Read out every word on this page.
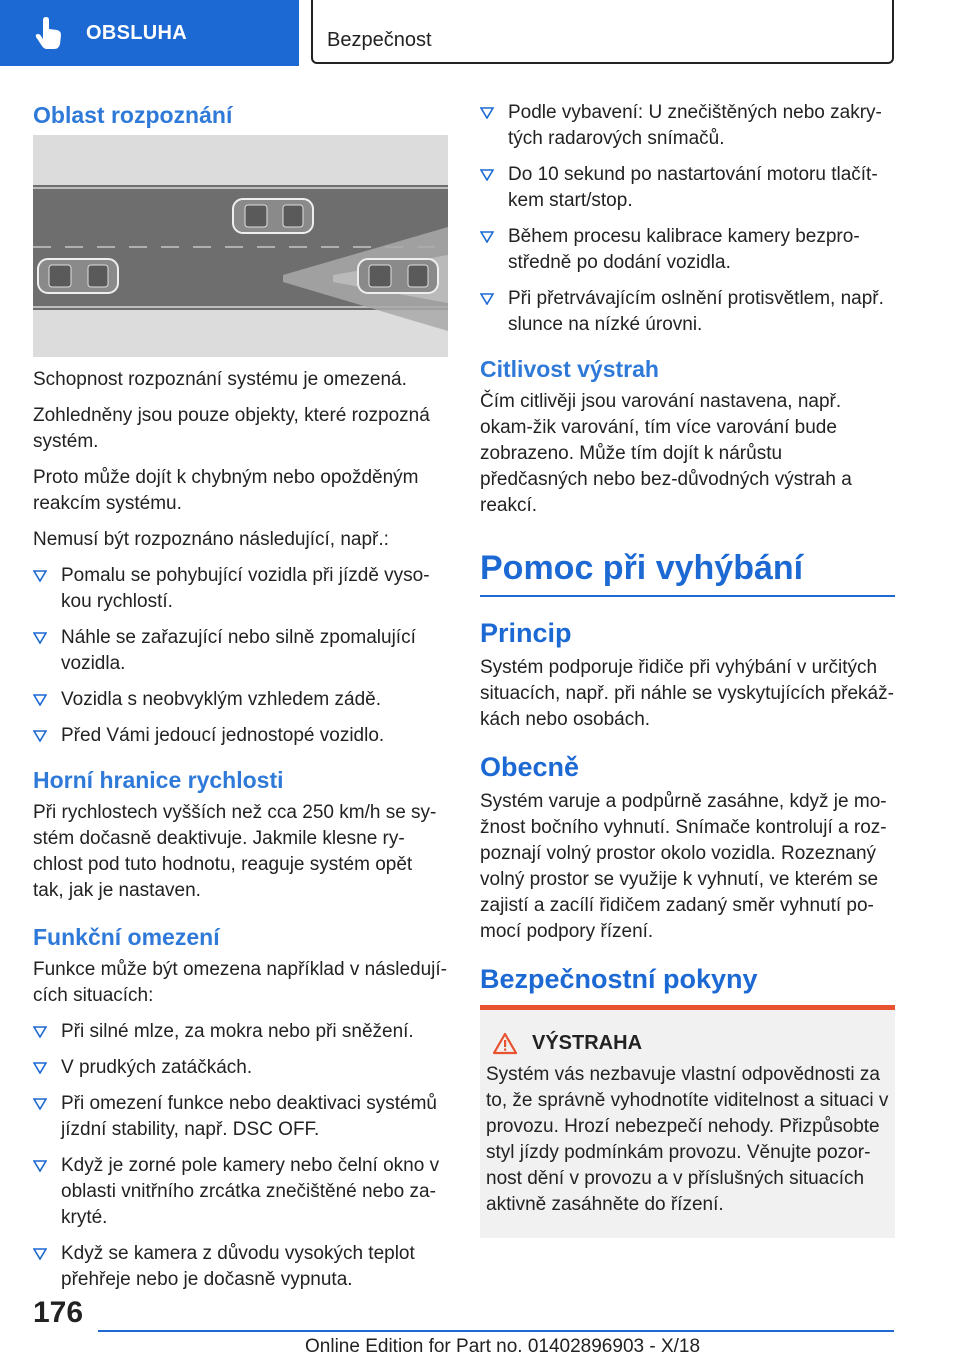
OBSLUHA	Bezpečnost
Oblast rozpoznání

Schopnost rozpoznání systému je omezená.

Zohledněny jsou pouze objekty, které rozpozná systém.

Proto může dojít k chybným nebo opožděným reakcím systému.

Nemusí být rozpoznáno následující, např.:

Pomalu se pohybující vozidla při jízdě vyso-kou rychlostí.
Náhle se zařazující nebo silně zpomalující vozidla.
Vozidla s neobvyklým vzhledem zádě.
Před Vámi jedoucí jednostopé vozidlo.
Horní hranice rychlosti

Při rychlostech vyšších než cca 250 km/h se sy-stém dočasně deaktivuje. Jakmile klesne ry-chlost pod tuto hodnotu, reaguje systém opět tak, jak je nastaven.

Funkční omezení

Funkce může být omezena například v následují-cích situacích:

Při silné mlze, za mokra nebo při sněžení.
V prudkých zatáčkách.
Při omezení funkce nebo deaktivaci systémů jízdní stability, např. DSC OFF.
Když je zorné pole kamery nebo čelní okno v oblasti vnitřního zrcátka znečištěné nebo za-kryté.
Když se kamera z důvodu vysokých teplot přehřeje nebo je dočasně vypnuta.
Podle vybavení: U znečištěných nebo zakry-tých radarových snímačů.
Do 10 sekund po nastartování motoru tlačít-kem start/stop.
Během procesu kalibrace kamery bezpro-středně po dodání vozidla.
Při přetrvávajícím oslnění protisvětlem, např. slunce na nízké úrovni.
Citlivost výstrah

Čím citlivěji jsou varování nastavena, např. okam-žik varování, tím více varování bude zobrazeno. Může tím dojít k nárůstu předčasných nebo bez-důvodných výstrah a reakcí.

Pomoc při vyhýbání
Princip

Systém podporuje řidiče při vyhýbání v určitých situacích, např. při náhle se vyskytujících překáž-kách nebo osobách.

Obecně

Systém varuje a podpůrně zasáhne, když je mo-žnost bočního vyhnutí. Snímače kontrolují a roz-poznají volný prostor okolo vozidla. Rozeznaný volný prostor se využije k vyhnutí, ve kterém se zajistí a zacílí řidičem zadaný směr vyhnutí po-mocí podpory řízení.

Bezpečnostní pokyny
VÝSTRAHA

Systém vás nezbavuje vlastní odpovědnosti za to, že správně vyhodnotíte viditelnost a situaci v provozu. Hrozí nebezpečí nehody. Přizpůsobte styl jízdy podmínkám provozu. Věnujte pozor-nost dění v provozu a v příslušných situacích aktivně zasáhněte do řízení.

176
Online Edition for Part no. 01402896903 - X/18
